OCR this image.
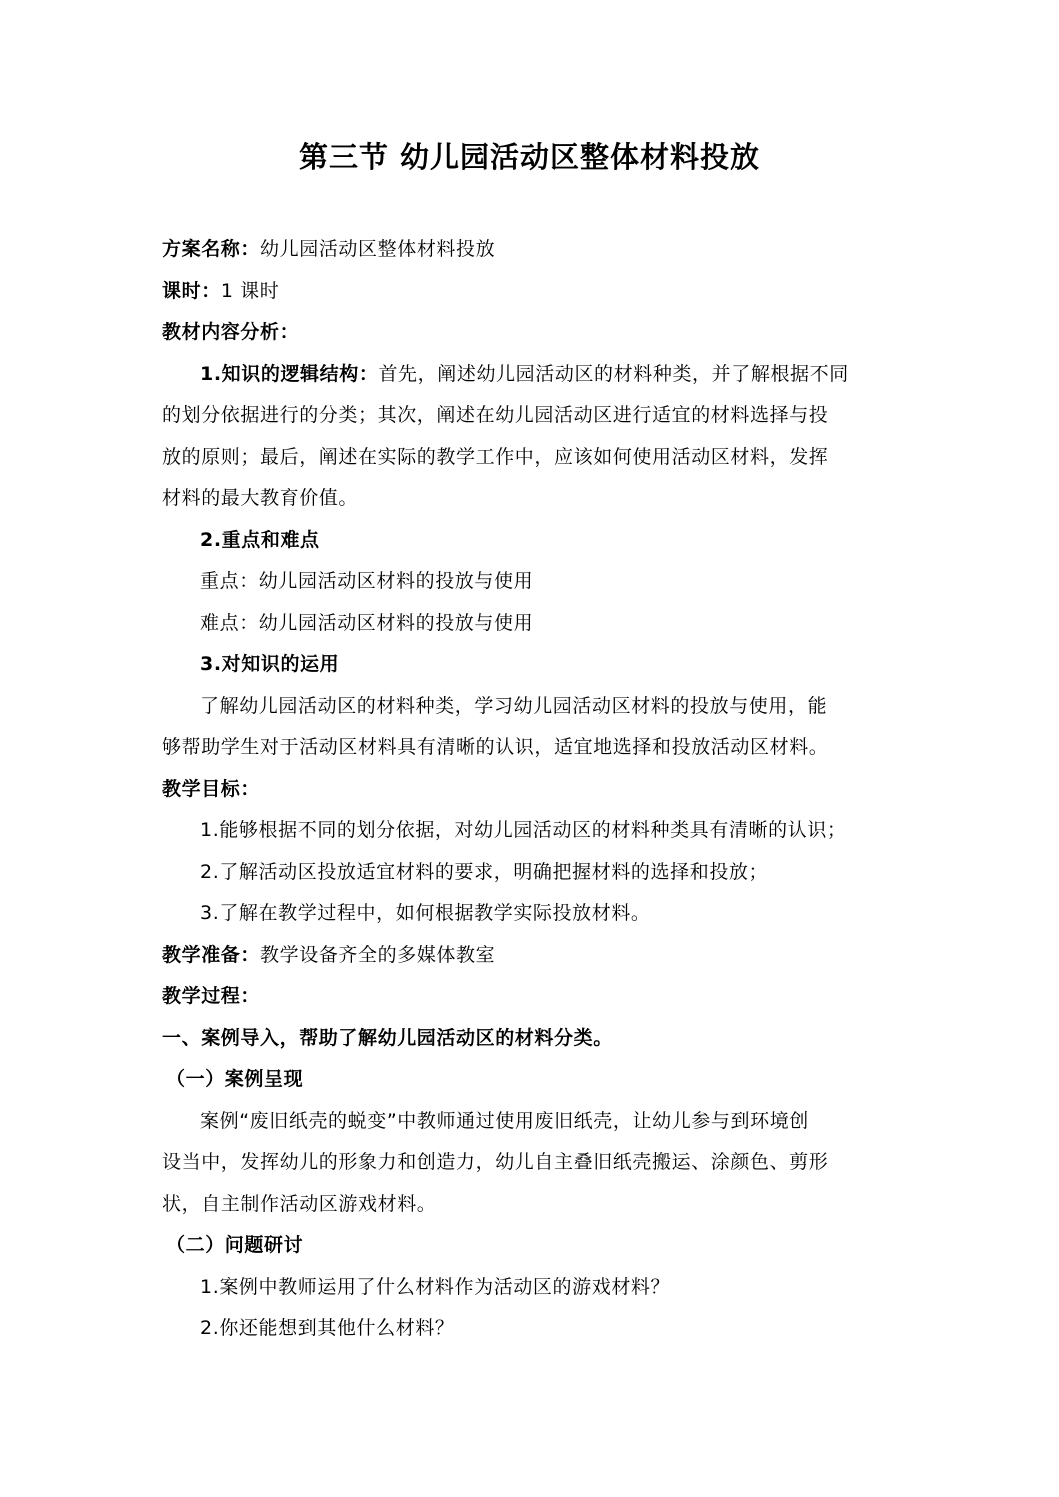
第三节 幼儿园活动区整体材料投放
方案名称：幼儿园活动区整体材料投放
课时：1 课时
教材内容分析：
1.知识的逻辑结构：首先，阐述幼儿园活动区的材料种类，并了解根据不同
的划分依据进行的分类；其次，阐述在幼儿园活动区进行适宜的材料选择与投
放的原则；最后，阐述在实际的教学工作中，应该如何使用活动区材料，发挥
材料的最大教育价值。
2.重点和难点
重点：幼儿园活动区材料的投放与使用
难点：幼儿园活动区材料的投放与使用
3.对知识的运用
了解幼儿园活动区的材料种类，学习幼儿园活动区材料的投放与使用，能
够帮助学生对于活动区材料具有清晰的认识，适宜地选择和投放活动区材料。
教学目标：
1.能够根据不同的划分依据，对幼儿园活动区的材料种类具有清晰的认识；
2.了解活动区投放适宜材料的要求，明确把握材料的选择和投放；
3.了解在教学过程中，如何根据教学实际投放材料。
教学准备：教学设备齐全的多媒体教室
教学过程：
一、案例导入，帮助了解幼儿园活动区的材料分类。
（一）案例呈现
案例“废旧纸壳的蜕变”中教师通过使用废旧纸壳，让幼儿参与到环境创
设当中，发挥幼儿的形象力和创造力，幼儿自主叠旧纸壳搬运、涂颜色、剪形
状，自主制作活动区游戏材料。
（二）问题研讨
1.案例中教师运用了什么材料作为活动区的游戏材料？
2.你还能想到其他什么材料？
